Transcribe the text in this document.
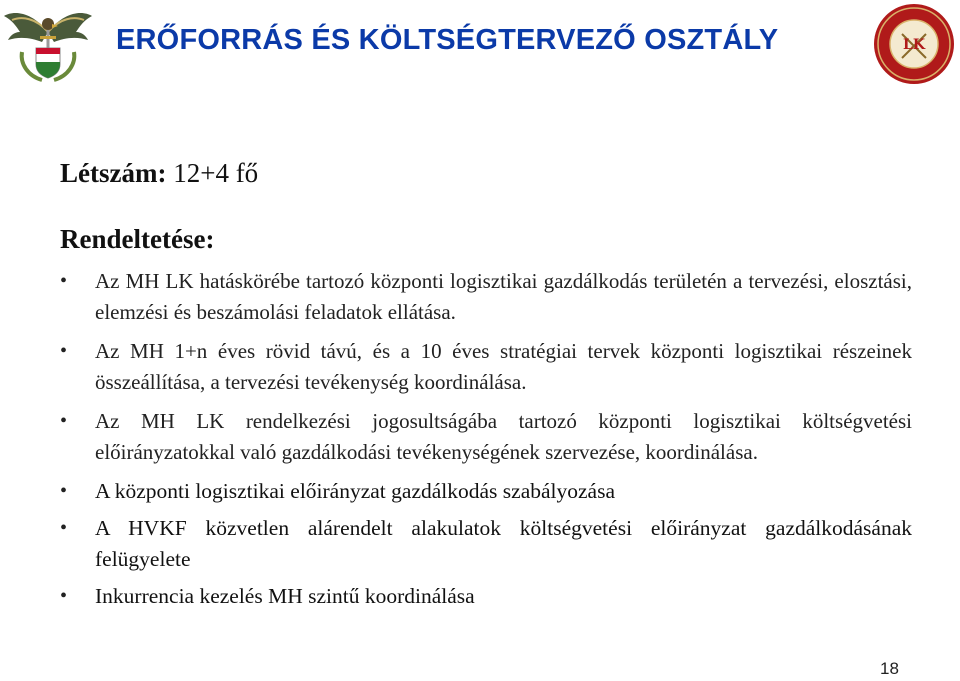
ERŐFORRÁS ÉS KÖLTSÉGTERVEZŐ OSZTÁLY	LK
Létszám: 12+4 fő
Rendeltetése:
•	Az MH LK hatáskörébe tartozó központi logisztikai gazdálkodás területén a tervezési, elosztási, elemzési és beszámolási feladatok ellátása.
•	Az MH 1+n éves rövid távú, és a 10 éves stratégiai tervek központi logisztikai részeinek összeállítása, a tervezési tevékenység koordinálása.
•	Az MH LK rendelkezési jogosultságába tartozó központi logisztikai költségvetési előirányzatokkal való gazdálkodási tevékenységének szervezése, koordinálása.
•	A központi logisztikai előirányzat gazdálkodás szabályozása
•	A HVKF közvetlen alárendelt alakulatok költségvetési előirányzat gazdálkodásának felügyelete
•	Inkurrencia kezelés MH szintű koordinálása
18
